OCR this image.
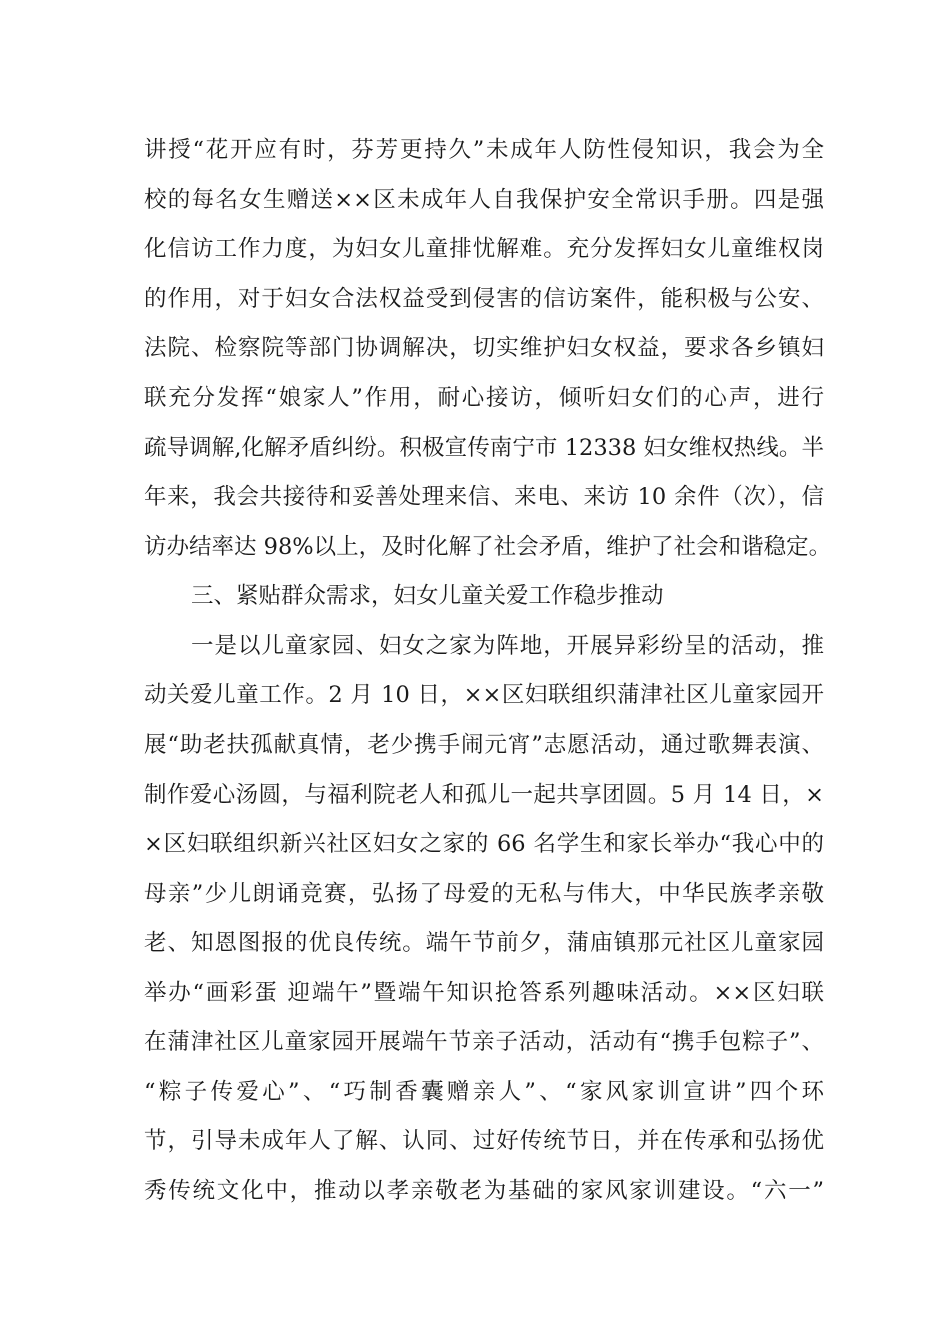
讲授“花开应有时，芬芳更持久”未成年人防性侵知识，我会为全
校的每名女生赠送××区未成年人自我保护安全常识手册。四是强
化信访工作力度，为妇女儿童排忧解难。充分发挥妇女儿童维权岗
的作用，对于妇女合法权益受到侵害的信访案件，能积极与公安、
法院、检察院等部门协调解决，切实维护妇女权益，要求各乡镇妇
联充分发挥“娘家人”作用，耐心接访，倾听妇女们的心声，进行
疏导调解,化解矛盾纠纷。积极宣传南宁市 12338 妇女维权热线。半
年来，我会共接待和妥善处理来信、来电、来访 10 余件（次），信
访办结率达 98%以上，及时化解了社会矛盾，维护了社会和谐稳定。
三、紧贴群众需求，妇女儿童关爱工作稳步推动
一是以儿童家园、妇女之家为阵地，开展异彩纷呈的活动，推
动关爱儿童工作。2 月 10 日，××区妇联组织蒲津社区儿童家园开
展“助老扶孤献真情，老少携手闹元宵”志愿活动，通过歌舞表演、
制作爱心汤圆，与福利院老人和孤儿一起共享团圆。5 月 14 日，×
×区妇联组织新兴社区妇女之家的 66 名学生和家长举办“我心中的
母亲”少儿朗诵竞赛，弘扬了母爱的无私与伟大，中华民族孝亲敬
老、知恩图报的优良传统。端午节前夕，蒲庙镇那元社区儿童家园
举办“画彩蛋 迎端午”暨端午知识抢答系列趣味活动。××区妇联
在蒲津社区儿童家园开展端午节亲子活动，活动有“携手包粽子”、
“粽子传爱心”、“巧制香囊赠亲人”、“家风家训宣讲”四个环
节，引导未成年人了解、认同、过好传统节日，并在传承和弘扬优
秀传统文化中，推动以孝亲敬老为基础的家风家训建设。“六一”
